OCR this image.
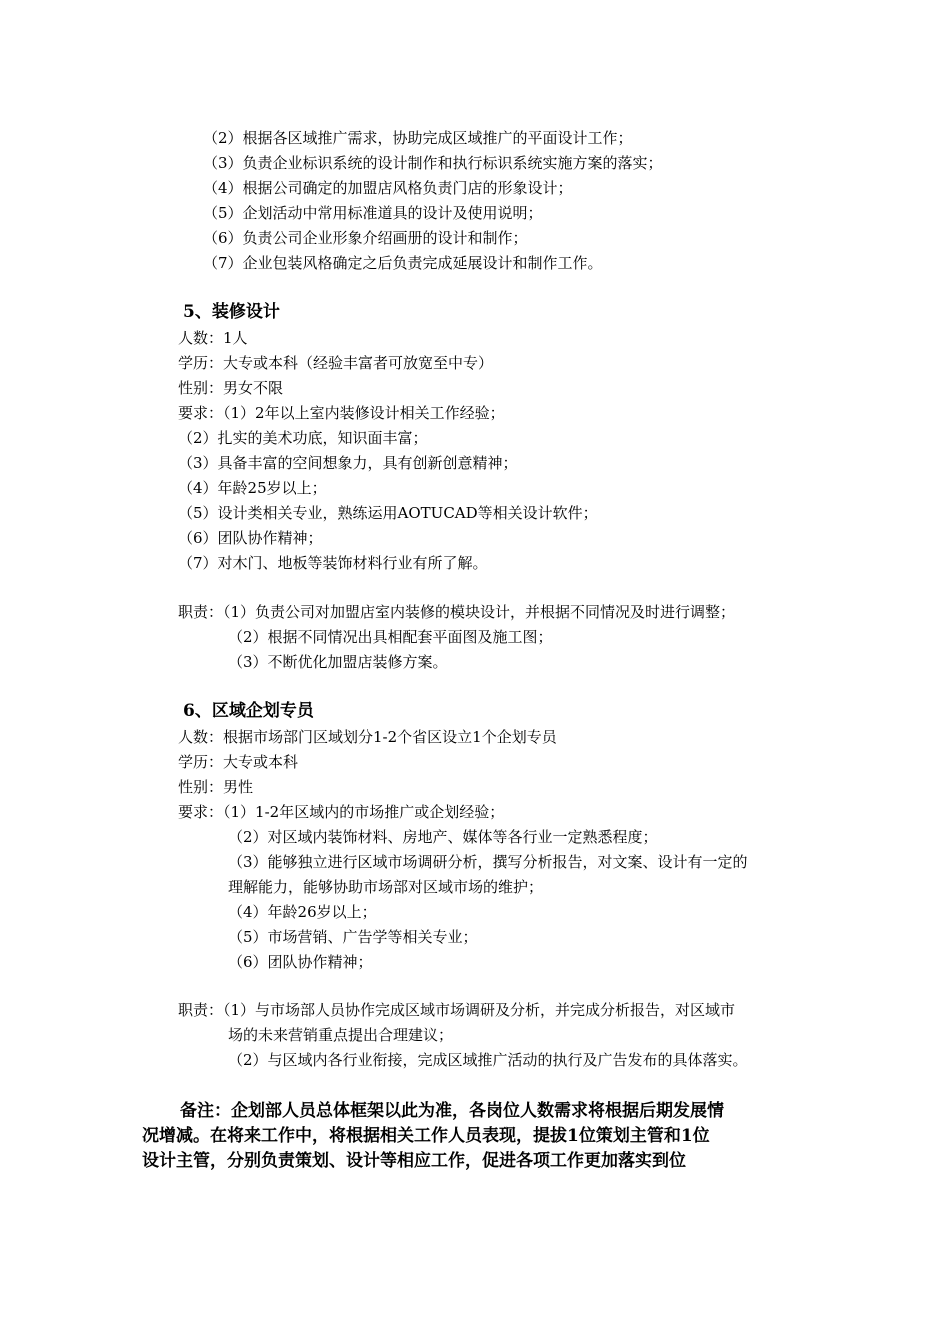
（2）根据各区域推广需求，协助完成区域推广的平面设计工作；
（3）负责企业标识系统的设计制作和执行标识系统实施方案的落实；
（4）根据公司确定的加盟店风格负责门店的形象设计；
（5）企划活动中常用标准道具的设计及使用说明；
（6）负责公司企业形象介绍画册的设计和制作；
（7）企业包装风格确定之后负责完成延展设计和制作工作。
5、装修设计
人数：1人
学历：大专或本科（经验丰富者可放宽至中专）
性别：男女不限
要求：（1）2年以上室内装修设计相关工作经验；
（2）扎实的美术功底，知识面丰富；
（3）具备丰富的空间想象力，具有创新创意精神；
（4）年龄25岁以上；
（5）设计类相关专业，熟练运用AOTUCAD等相关设计软件；
（6）团队协作精神；
（7）对木门、地板等装饰材料行业有所了解。
职责：（1）负责公司对加盟店室内装修的模块设计，并根据不同情况及时进行调整；
（2）根据不同情况出具相配套平面图及施工图；
（3）不断优化加盟店装修方案。
6、区域企划专员
人数：根据市场部门区域划分1-2个省区设立1个企划专员
学历：大专或本科
性别：男性
要求：（1）1-2年区域内的市场推广或企划经验；
（2）对区域内装饰材料、房地产、媒体等各行业一定熟悉程度；
（3）能够独立进行区域市场调研分析，撰写分析报告，对文案、设计有一定的
理解能力，能够协助市场部对区域市场的维护；
（4）年龄26岁以上；
（5）市场营销、广告学等相关专业；
（6）团队协作精神；
职责：（1）与市场部人员协作完成区域市场调研及分析，并完成分析报告，对区域市
场的未来营销重点提出合理建议；
（2）与区域内各行业衔接，完成区域推广活动的执行及广告发布的具体落实。
备注：企划部人员总体框架以此为准，各岗位人数需求将根据后期发展情
况增减。在将来工作中，将根据相关工作人员表现，提拔1位策划主管和1位
设计主管，分别负责策划、设计等相应工作，促进各项工作更加落实到位
